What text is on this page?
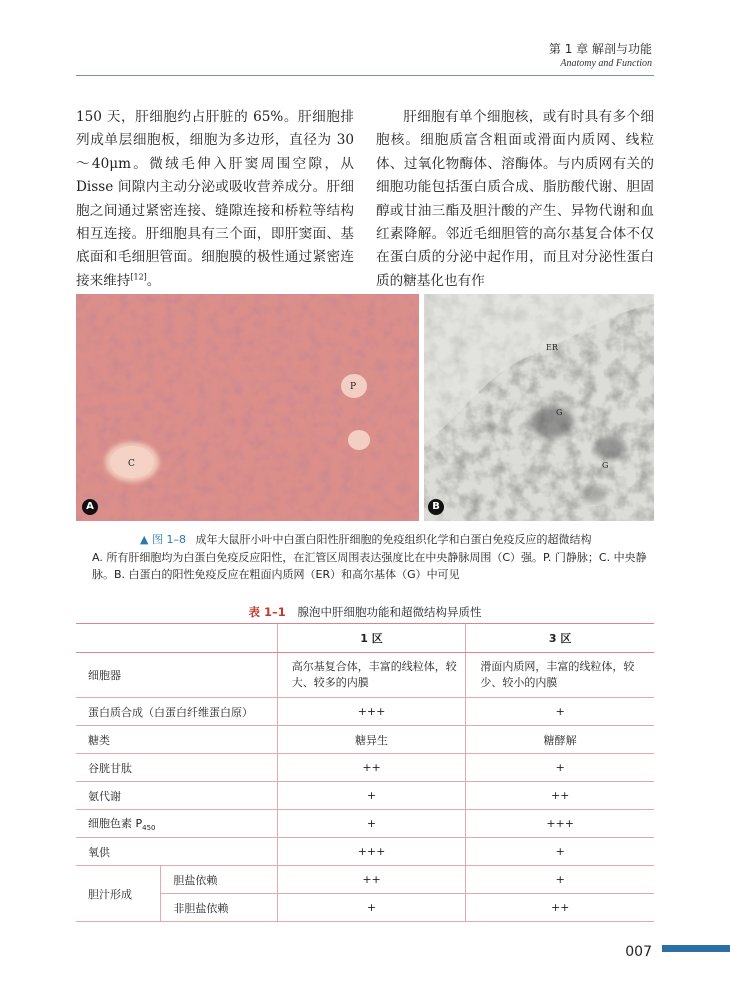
第 1 章 解剖与功能
Anatomy and Function

150 天，肝细胞约占肝脏的 65%。肝细胞排列成单层细胞板，细胞为多边形，直径为 30～40μm。微绒毛伸入肝窦周围空隙，从 Disse 间隙内主动分泌或吸收营养成分。肝细胞之间通过紧密连接、缝隙连接和桥粒等结构相互连接。肝细胞具有三个面，即肝窦面、基底面和毛细胆管面。细胞膜的极性通过紧密连接来维持[12]。

肝细胞有单个细胞核，或有时具有多个细胞核。细胞质富含粗面或滑面内质网、线粒体、过氧化物酶体、溶酶体。与内质网有关的细胞功能包括蛋白质合成、脂肪酸代谢、胆固醇或甘油三酯及胆汁酸的产生、异物代谢和血红素降解。邻近毛细胆管的高尔基复合体不仅在蛋白质的分泌中起作用，而且对分泌性蛋白质的糖基化也有作

C
P
A
ER
G
G
B
▲ 图 1–8 成年大鼠肝小叶中白蛋白阳性肝细胞的免疫组织化学和白蛋白免疫反应的超微结构
A. 所有肝细胞均为白蛋白免疫反应阳性，在汇管区周围表达强度比在中央静脉周围（C）强。P. 门静脉；C. 中央静脉。B. 白蛋白的阳性免疫反应在粗面内质网（ER）和高尔基体（G）中可见
表 1–1 腺泡中肝细胞功能和超微结构异质性
		1 区	3 区
细胞器		高尔基复合体，丰富的线粒体，较大、较多的内膜	滑面内质网，丰富的线粒体，较少、较小的内膜
蛋白质合成（白蛋白纤维蛋白原）		+++	+
糖类		糖异生	糖酵解
谷胱甘肽		++	+
氨代谢		+	++
细胞色素 $P_{450}$		+	+++
氧供		+++	+
胆汁形成	胆盐依赖	++	+
	非胆盐依赖	+	++
007
